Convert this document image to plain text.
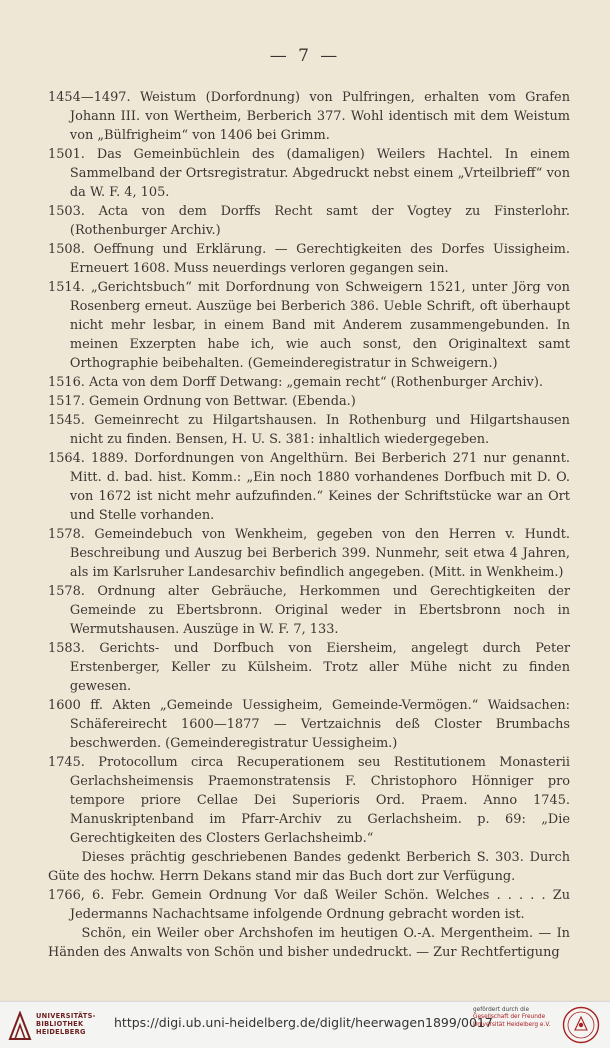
— 7 —

1454—1497. Weistum (Dorfordnung) von Pulfringen, erhalten vom Grafen Johann III. von Wertheim, Berberich 377. Wohl identisch mit dem Weistum von „Bülfrigheim“ von 1406 bei Grimm.

1501. Das Gemeinbüchlein des (damaligen) Weilers Hachtel. In einem Sammelband der Ortsregistratur. Abgedruckt nebst einem „Vrteilbrieff“ von da W. F. 4, 105.

1503. Acta von dem Dorffs Recht samt der Vogtey zu Finsterlohr. (Rothenburger Archiv.)

1508. Oeffnung und Erklärung. — Gerechtigkeiten des Dorfes Uissigheim. Erneuert 1608. Muss neuerdings verloren gegangen sein.

1514. „Gerichtsbuch“ mit Dorfordnung von Schweigern 1521, unter Jörg von Rosenberg erneut. Auszüge bei Berberich 386. Ueble Schrift, oft überhaupt nicht mehr lesbar, in einem Band mit Anderem zusammengebunden. In meinen Exzerpten habe ich, wie auch sonst, den Originaltext samt Orthographie beibehalten. (Gemeinderegistratur in Schweigern.)

1516. Acta von dem Dorff Detwang: „gemain recht“ (Rothenburger Archiv).

1517. Gemein Ordnung von Bettwar. (Ebenda.)

1545. Gemeinrecht zu Hilgartshausen. In Rothenburg und Hilgartshausen nicht zu finden. Bensen, H. U. S. 381: inhaltlich wiedergegeben.

1564. 1889. Dorfordnungen von Angelthürn. Bei Berberich 271 nur genannt. Mitt. d. bad. hist. Komm.: „Ein noch 1880 vorhandenes Dorfbuch mit D. O. von 1672 ist nicht mehr aufzufinden.“ Keines der Schriftstücke war an Ort und Stelle vorhanden.

1578. Gemeindebuch von Wenkheim, gegeben von den Herren v. Hundt. Beschreibung und Auszug bei Berberich 399. Nunmehr, seit etwa 4 Jahren, als im Karlsruher Landesarchiv befindlich angegeben. (Mitt. in Wenkheim.)

1578. Ordnung alter Gebräuche, Herkommen und Gerechtigkeiten der Gemeinde zu Ebertsbronn. Original weder in Ebertsbronn noch in Wermutshausen. Auszüge in W. F. 7, 133.

1583. Gerichts- und Dorfbuch von Eiersheim, angelegt durch Peter Erstenberger, Keller zu Külsheim. Trotz aller Mühe nicht zu finden gewesen.

1600 ff. Akten „Gemeinde Uessigheim, Gemeinde-Vermögen.“ Waidsachen: Schäfereirecht 1600—1877 — Vertzaichnis deß Closter Brumbachs beschwerden. (Gemeinderegistratur Uessigheim.)

1745. Protocollum circa Recuperationem seu Restitutionem Monasterii Gerlachsheimensis Praemonstratensis F. Christophoro Hönniger pro tempore priore Cellae Dei Superioris Ord. Praem. Anno 1745. Manuskriptenband im Pfarr-Archiv zu Gerlachsheim. p. 69: „Die Gerechtigkeiten des Closters Gerlachsheimb.“

Dieses prächtig geschriebenen Bandes gedenkt Berberich S. 303. Durch Güte des hochw. Herrn Dekans stand mir das Buch dort zur Verfügung.

1766, 6. Febr. Gemein Ordnung Vor daß Weiler Schön. Welches . . . . . Zu Jedermanns Nachachtsame infolgende Ordnung gebracht worden ist.

Schön, ein Weiler ober Archshofen im heutigen O.-A. Mergentheim. — In Händen des Anwalts von Schön und bisher undedruckt. — Zur Rechtfertigung

UNIVERSITÄTS-
BIBLIOTHEK
HEIDELBERG
https://digi.ub.uni-heidelberg.de/diglit/heerwagen1899/0017
gefördert durch die
Gesellschaft der Freunde
Universität Heidelberg e.V.
